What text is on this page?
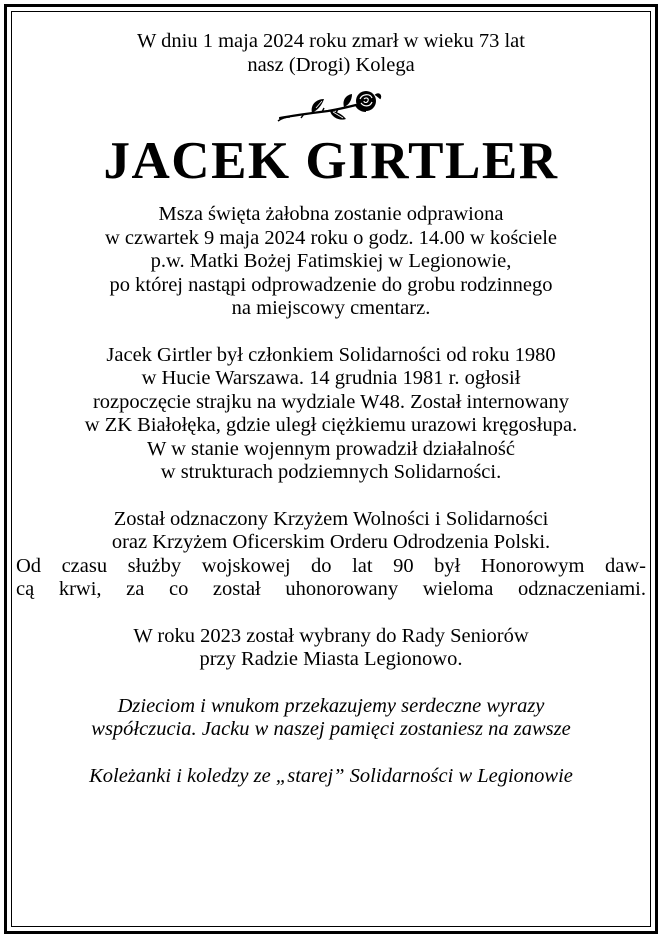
W dniu 1 maja 2024 roku zmarł w wieku 73 lat
nasz (Drogi) Kolega
JACEK GIRTLER
Msza święta żałobna zostanie odprawiona
w czwartek 9 maja 2024 roku o godz. 14.00 w kościele
p.w. Matki Bożej Fatimskiej w Legionowie,
po której nastąpi odprowadzenie do grobu rodzinnego
na miejscowy cmentarz.
Jacek Girtler był członkiem Solidarności od roku 1980
w Hucie Warszawa. 14 grudnia 1981 r. ogłosił
rozpoczęcie strajku na wydziale W48. Został internowany
w ZK Białołęka, gdzie uległ ciężkiemu urazowi kręgosłupa.
W w stanie wojennym prowadził działalność
w strukturach podziemnych Solidarności.
Został odznaczony Krzyżem Wolności i Solidarności
oraz Krzyżem Oficerskim Orderu Odrodzenia Polski.
Od czasu służby wojskowej do lat 90 był Honorowym daw-
cą krwi, za co został uhonorowany wieloma odznaczeniami.
W roku 2023 został wybrany do Rady Seniorów
przy Radzie Miasta Legionowo.
Dzieciom i wnukom przekazujemy serdeczne wyrazy
współczucia. Jacku w naszej pamięci zostaniesz na zawsze
Koleżanki i koledzy ze „starej” Solidarności w Legionowie
